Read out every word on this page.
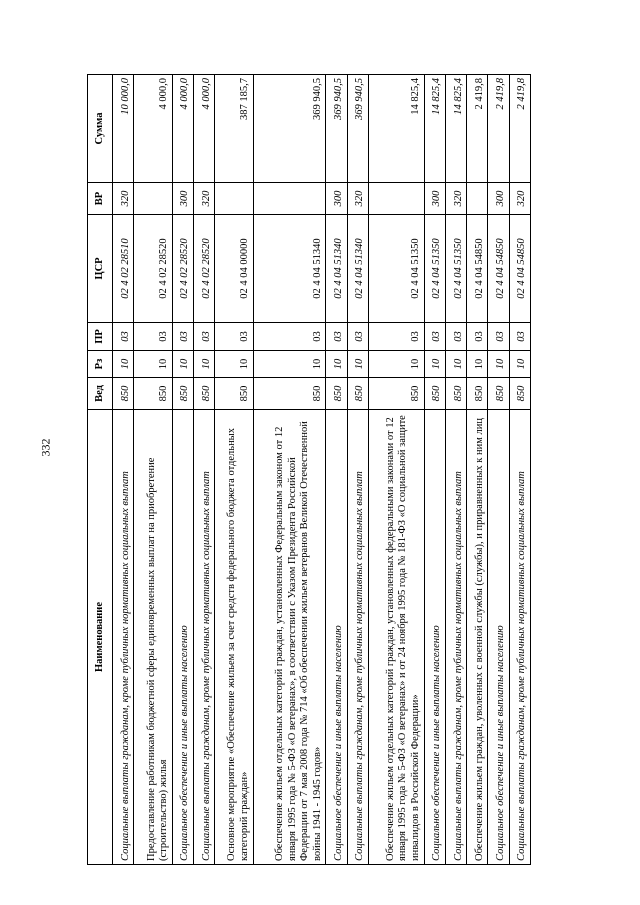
332
Наименование	Вед	Рз	ПР	ЦСР	ВР	Сумма
Социальные выплаты гражданам, кроме публичных нормативных социальных выплат	850	10	03	02 4 02 28510	320	10 000,0
Предоставление работникам бюджетной сферы единовременных выплат на приобретение (строительство) жилья	850	10	03	02 4 02 28520		4 000,0
Социальное обеспечение и иные выплаты населению	850	10	03	02 4 02 28520	300	4 000,0
Социальные выплаты гражданам, кроме публичных нормативных социальных выплат	850	10	03	02 4 02 28520	320	4 000,0
Основное мероприятие «Обеспечение жильем за счет средств федерального бюджета отдельных категорий граждан»	850	10	03	02 4 04 00000		387 185,7
Обеспечение жильем отдельных категорий граждан, установленных Федеральным законом от 12 января 1995 года № 5-ФЗ «О ветеранах», в соответствии с Указом Президента Российской Федерации от 7 мая 2008 года № 714 «Об обеспечении жильем ветеранов Великой Отечественной войны 1941 - 1945 годов»	850	10	03	02 4 04 51340		369 940,5
Социальное обеспечение и иные выплаты населению	850	10	03	02 4 04 51340	300	369 940,5
Социальные выплаты гражданам, кроме публичных нормативных социальных выплат	850	10	03	02 4 04 51340	320	369 940,5
Обеспечение жильем отдельных категорий граждан, установленных федеральными законами от 12 января 1995 года № 5-ФЗ «О ветеранах» и от 24 ноября 1995 года № 181-ФЗ «О социальной защите инвалидов в Российской Федерации»	850	10	03	02 4 04 51350		14 825,4
Социальное обеспечение и иные выплаты населению	850	10	03	02 4 04 51350	300	14 825,4
Социальные выплаты гражданам, кроме публичных нормативных социальных выплат	850	10	03	02 4 04 51350	320	14 825,4
Обеспечение жильем граждан, уволенных с военной службы (службы), и приравненных к ним лиц	850	10	03	02 4 04 54850		2 419,8
Социальное обеспечение и иные выплаты населению	850	10	03	02 4 04 54850	300	2 419,8
Социальные выплаты гражданам, кроме публичных нормативных социальных выплат	850	10	03	02 4 04 54850	320	2 419,8
